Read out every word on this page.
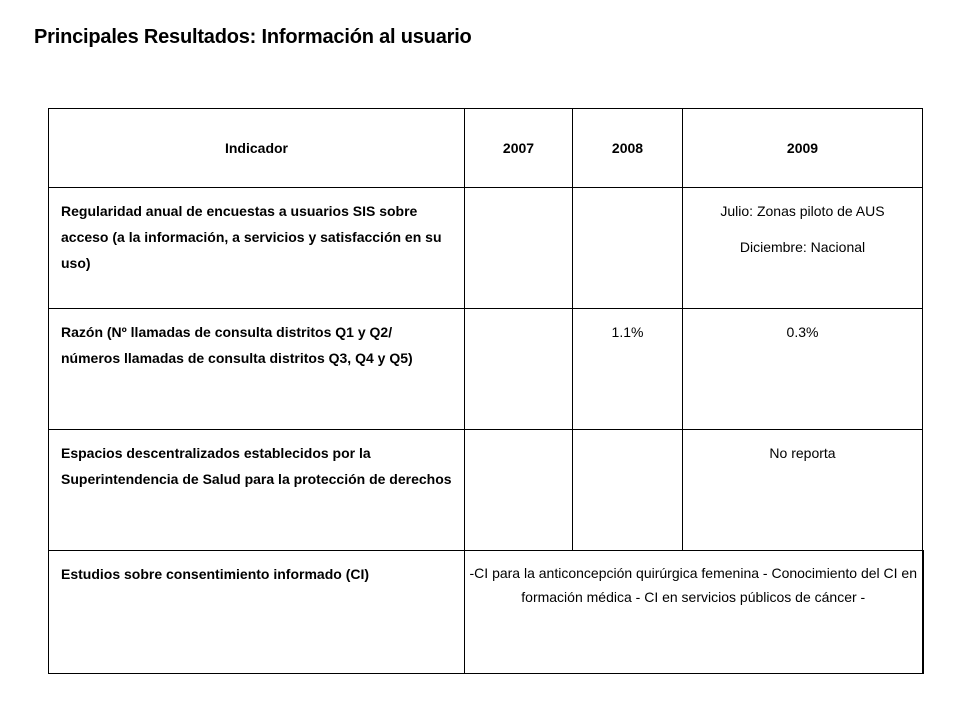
Principales Resultados: Información al usuario
Indicador	2007	2008	2009
Regularidad anual de encuestas a usuarios SIS sobre acceso (a la información, a servicios y satisfacción en su uso)			Julio: Zonas piloto de AUS
Diciembre: Nacional

Razón (Nº llamadas de consulta distritos Q1 y Q2/ números llamadas de consulta distritos Q3, Q4 y Q5)		1.1%	0.3%
Espacios descentralizados establecidos por la Superintendencia de Salud para la protección de derechos			No reporta
Estudios sobre consentimiento informado (CI)	-CI para la anticoncepción quirúrgica femenina - Conocimiento del CI en formación médica - CI en servicios públicos de cáncer -		
